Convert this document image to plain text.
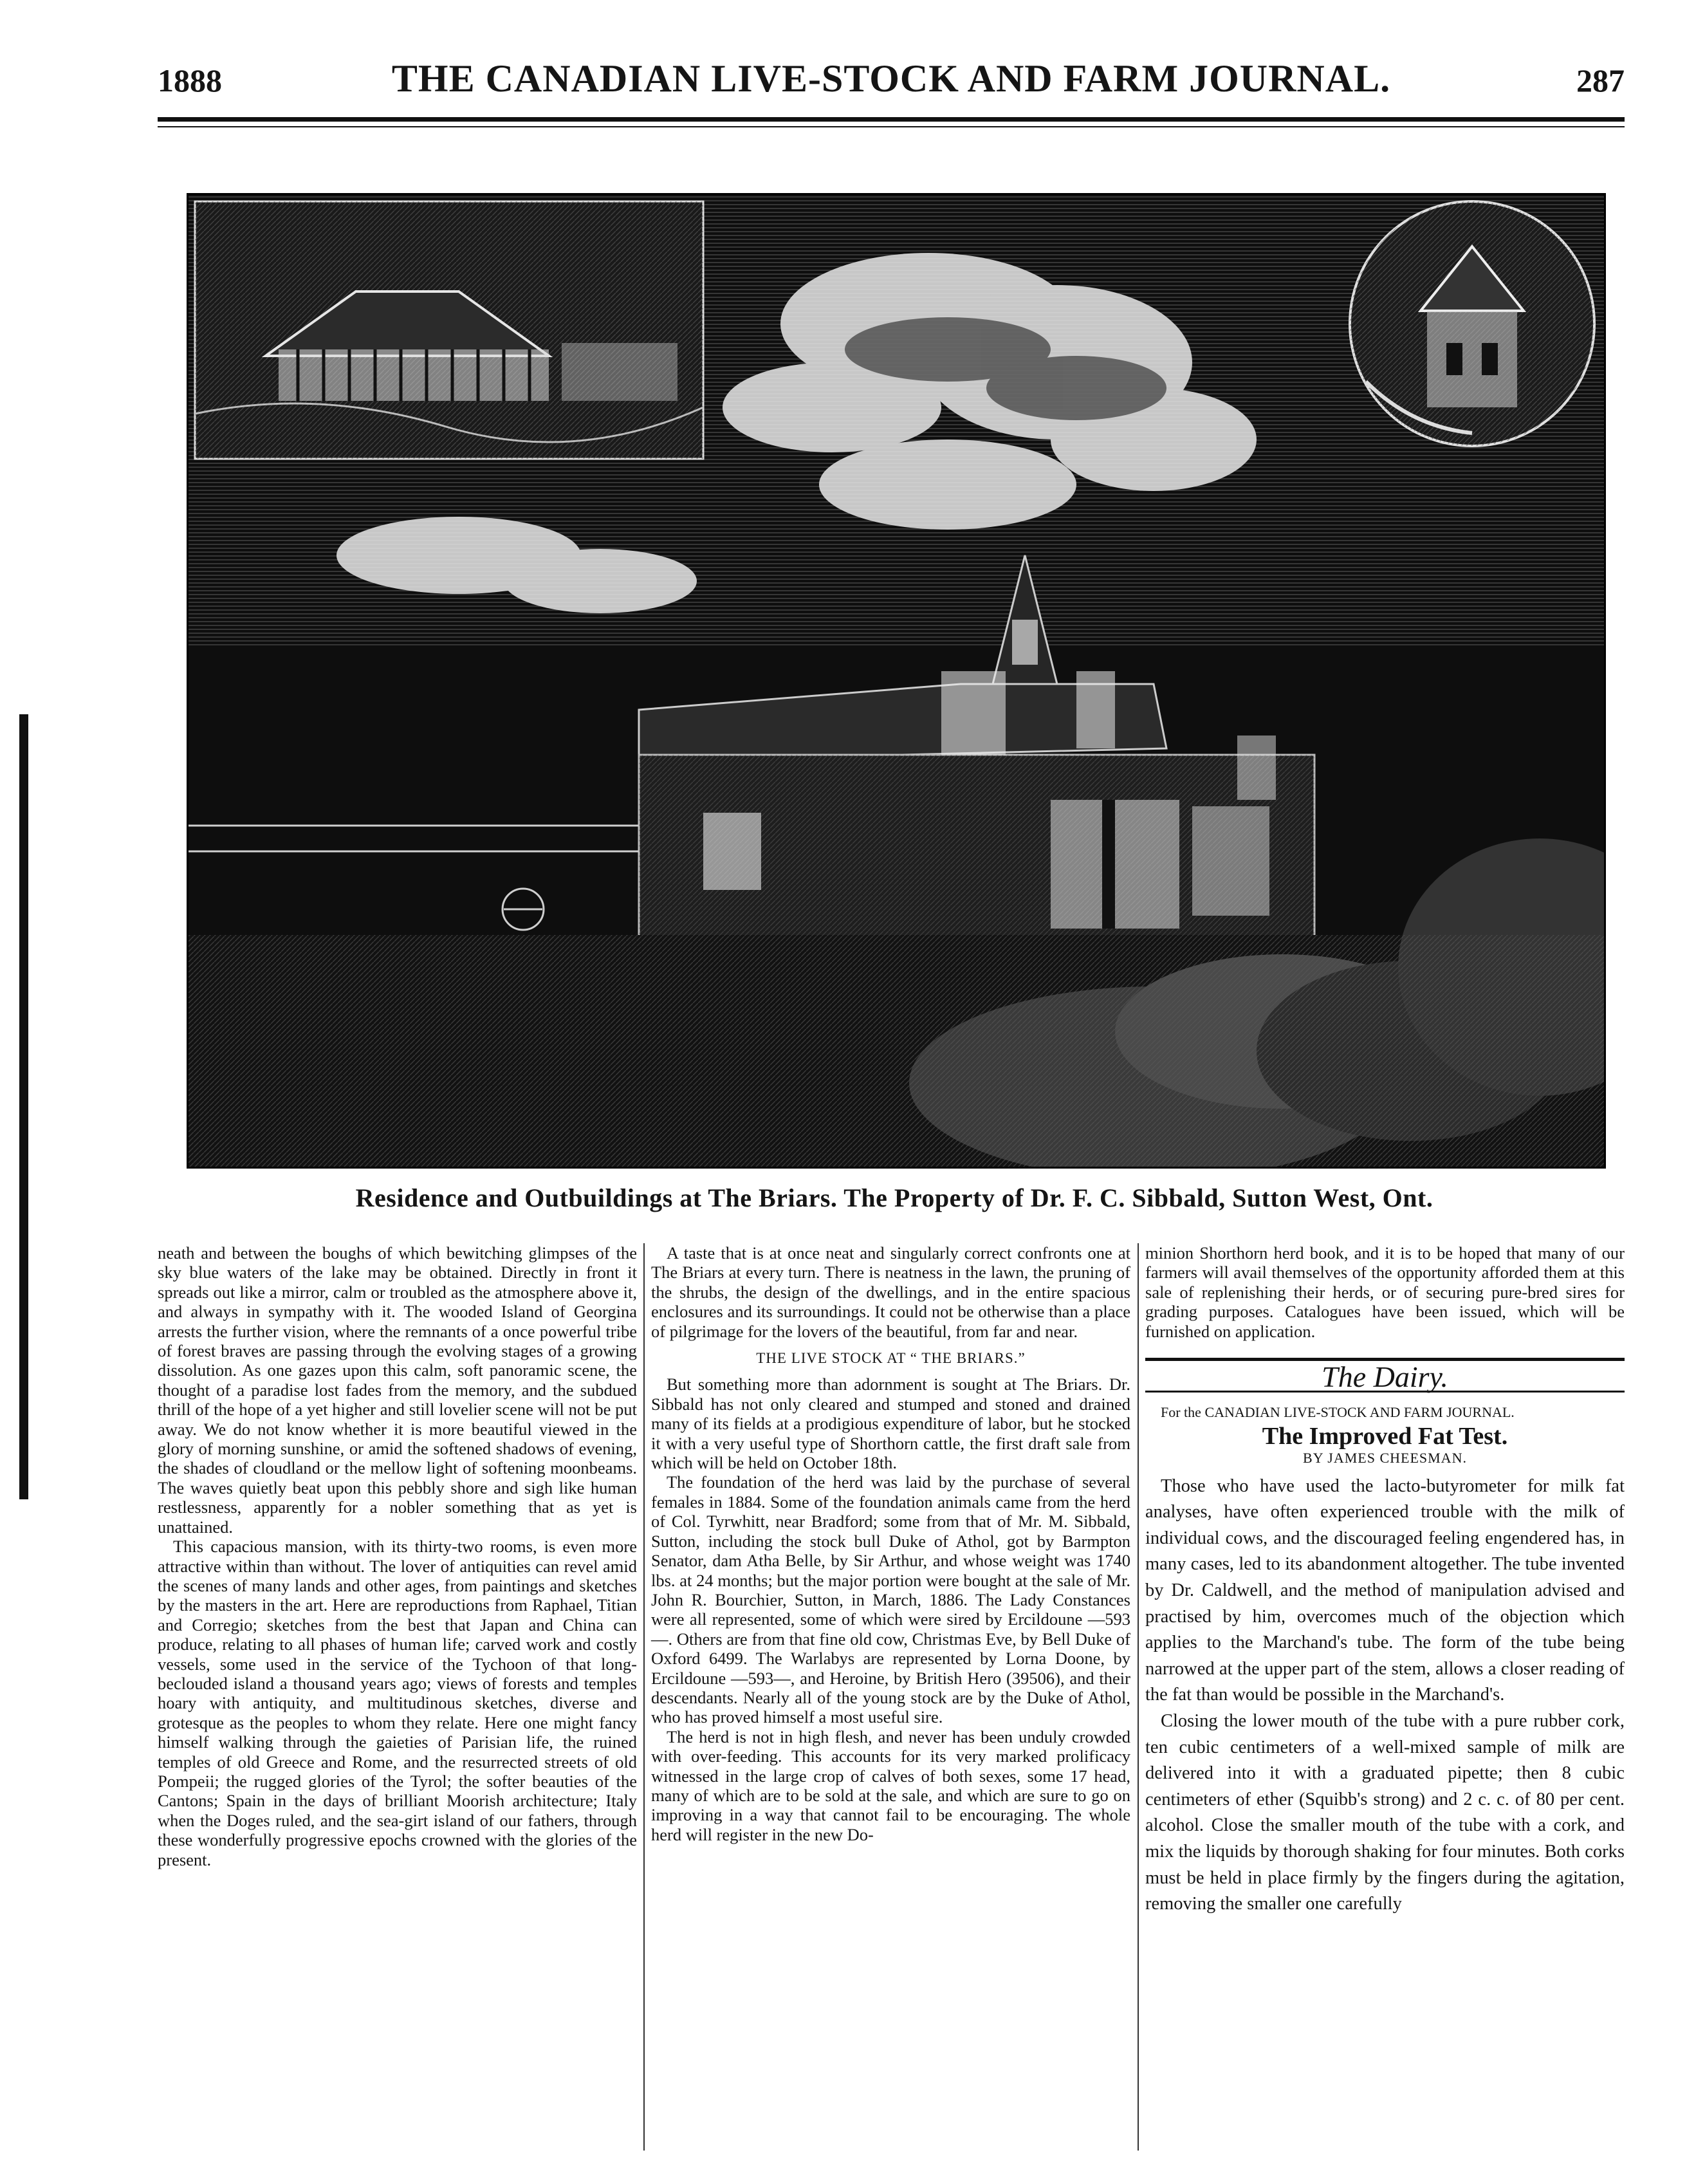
1888	THE CANADIAN LIVE-STOCK AND FARM JOURNAL.	287
Residence and Outbuildings at The Briars. The Property of Dr. F. C. Sibbald, Sutton West, Ont.

neath and between the boughs of which bewitching glimpses of the sky blue waters of the lake may be obtained. Directly in front it spreads out like a mirror, calm or troubled as the atmosphere above it, and always in sympathy with it. The wooded Island of Georgina arrests the further vision, where the remnants of a once powerful tribe of forest braves are passing through the evolving stages of a growing dissolution. As one gazes upon this calm, soft panoramic scene, the thought of a paradise lost fades from the memory, and the subdued thrill of the hope of a yet higher and still lovelier scene will not be put away. We do not know whether it is more beautiful viewed in the glory of morning sunshine, or amid the softened shadows of evening, the shades of cloudland or the mellow light of softening moonbeams. The waves quietly beat upon this pebbly shore and sigh like human restlessness, apparently for a nobler something that as yet is unattained.

This capacious mansion, with its thirty-two rooms, is even more attractive within than without. The lover of antiquities can revel amid the scenes of many lands and other ages, from paintings and sketches by the masters in the art. Here are reproductions from Raphael, Titian and Corregio; sketches from the best that Japan and China can produce, relating to all phases of human life; carved work and costly vessels, some used in the service of the Tychoon of that long-beclouded island a thousand years ago; views of forests and temples hoary with antiquity, and multitudinous sketches, diverse and grotesque as the peoples to whom they relate. Here one might fancy himself walking through the gaieties of Parisian life, the ruined temples of old Greece and Rome, and the resurrected streets of old Pompeii; the rugged glories of the Tyrol; the softer beauties of the Cantons; Spain in the days of brilliant Moorish architecture; Italy when the Doges ruled, and the sea-girt island of our fathers, through these wonderfully progressive epochs crowned with the glories of the present.

A taste that is at once neat and singularly correct confronts one at The Briars at every turn. There is neatness in the lawn, the pruning of the shrubs, the design of the dwellings, and in the entire spacious enclosures and its surroundings. It could not be otherwise than a place of pilgrimage for the lovers of the beautiful, from far and near.

THE LIVE STOCK AT “ THE BRIARS.”

But something more than adornment is sought at The Briars. Dr. Sibbald has not only cleared and stumped and stoned and drained many of its fields at a prodigious expenditure of labor, but he stocked it with a very useful type of Shorthorn cattle, the first draft sale from which will be held on October 18th.

The foundation of the herd was laid by the purchase of several females in 1884. Some of the foundation animals came from the herd of Col. Tyrwhitt, near Bradford; some from that of Mr. M. Sibbald, Sutton, including the stock bull Duke of Athol, got by Barmpton Senator, dam Atha Belle, by Sir Arthur, and whose weight was 1740 lbs. at 24 months; but the major portion were bought at the sale of Mr. John R. Bourchier, Sutton, in March, 1886. The Lady Constances were all represented, some of which were sired by Ercildoune —593—. Others are from that fine old cow, Christmas Eve, by Bell Duke of Oxford 6499. The Warlabys are represented by Lorna Doone, by Ercildoune —593—, and Heroine, by British Hero (39506), and their descendants. Nearly all of the young stock are by the Duke of Athol, who has proved himself a most useful sire.

The herd is not in high flesh, and never has been unduly crowded with over-feeding. This accounts for its very marked prolificacy witnessed in the large crop of calves of both sexes, some 17 head, many of which are to be sold at the sale, and which are sure to go on improving in a way that cannot fail to be encouraging. The whole herd will register in the new Do-

minion Shorthorn herd book, and it is to be hoped that many of our farmers will avail themselves of the opportunity afforded them at this sale of replenishing their herds, or of securing pure-bred sires for grading purposes. Catalogues have been issued, which will be furnished on application.

The Dairy.

For the CANADIAN LIVE-STOCK AND FARM JOURNAL.

The Improved Fat Test.
BY JAMES CHEESMAN.

Those who have used the lacto-butyrometer for milk fat analyses, have often experienced trouble with the milk of individual cows, and the discouraged feeling engendered has, in many cases, led to its abandonment altogether. The tube invented by Dr. Caldwell, and the method of manipulation advised and practised by him, overcomes much of the objection which applies to the Marchand's tube. The form of the tube being narrowed at the upper part of the stem, allows a closer reading of the fat than would be possible in the Marchand's.

Closing the lower mouth of the tube with a pure rubber cork, ten cubic centimeters of a well-mixed sample of milk are delivered into it with a graduated pipette; then 8 cubic centimeters of ether (Squibb's strong) and 2 c. c. of 80 per cent. alcohol. Close the smaller mouth of the tube with a cork, and mix the liquids by thorough shaking for four minutes. Both corks must be held in place firmly by the fingers during the agitation, removing the smaller one carefully
